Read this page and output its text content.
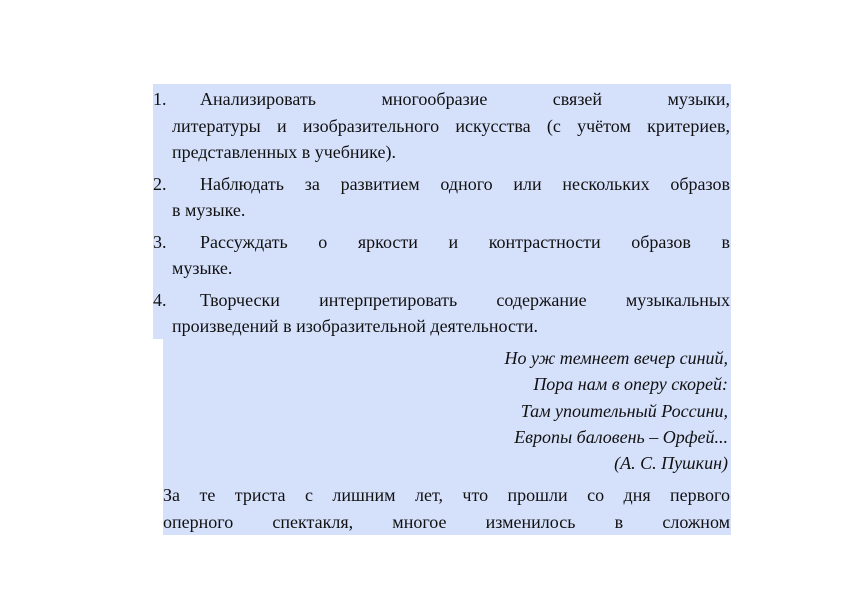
1.	Анализировать многообразие связей музыки,
литературы и изобразительного искусства (с учётом критериев, представленных в учебнике).
2.	Наблюдать за развитием одного или нескольких образов
в музыке.
3.	Рассуждать о яркости и контрастности образов в
музыке.
4.	Творчески интерпретировать содержание музыкальных
произведений в изобразительной деятельности.
Но уж темнеет вечер синий,
Пора нам в оперу скорей:
Там упоительный Россини,
Европы баловень – Орфей...
(А. С. Пушкин)
За те триста с лишним лет, что прошли со дня первого
оперного спектакля, многое изменилось в сложном
